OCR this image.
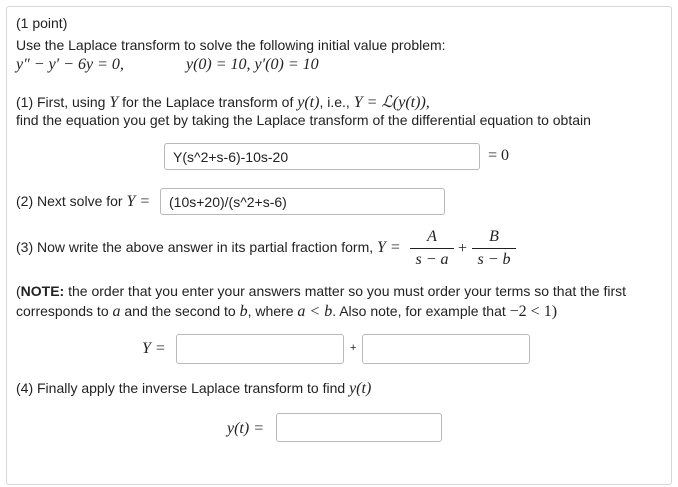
(1 point)
Use the Laplace transform to solve the following initial value problem:
y″ − y′ − 6y = 0,	y(0) = 10, y′(0) = 10
(1) First, using Y for the Laplace transform of y(t), i.e., Y = ℒ(y(t)),
find the equation you get by taking the Laplace transform of the differential equation to obtain
Y(s^2+s-6)-10s-20
= 0
(2) Next solve for Y =
(10s+20)/(s^2+s-6)
(3) Now write the above answer in its partial fraction form, Y =
A
s − a
+
B
s − b
(NOTE: the order that you enter your answers matter so you must order your terms so that the first
corresponds to a and the second to b, where a < b. Also note, for example that −2 < 1)
Y =	+
(4) Finally apply the inverse Laplace transform to find y(t)
y(t) =
